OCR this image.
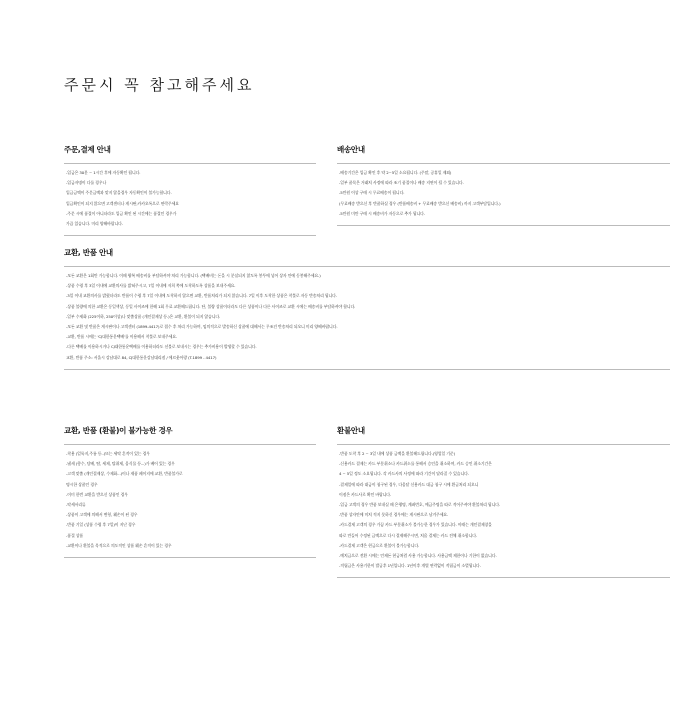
주문시 꼭 참고해주세요
주문,결제 안내
-입금은 30분 ~ 1시간 후에 자동확인 됩니다.
-입금자명이 다를 경우나
입금금액이 주문금액과 맞지 않을경우 자동확인이 불가능합니다.
입금확인이 되지 않으면 고객센터나 게시판,카카오톡으로 연락주세요
-주문 시에 품절이 아니더라도 입금 확인 된 시간에는 품절인 경우가
가끔 있습니다. 미리 양해바랍니다.
배송안내
-배송기간은 입금 확인 후 약 2~5일 소요됩니다. (주말, 공휴일 제외)
-일부 품목은 거래처 사정에 따라 조기 품절이나 배송 지연이 될 수 있습니다.
-5만원 이상 구매 시 무료배송이 됩니다.
(무료배송 받으신 후 반품하실 경우 (반품배송비 + 무료배송 받으신 배송비) 까지 고객부담입니다.)
-5만원 미만 구매 시 배송비가 자동으로 추가 됩니다.
교환, 반품 안내
-모든 교환은 1회만 가능합니다. 이때 왕복 배송비를 부담하셔야 처리 가능합니다. (택배비는 돈을 시 분실되지 않도록 봉투에 넣어 상자 안에 동봉해주세요.)
-상품 수령 후 3일 이내에 교환의사를 밝혀주시고, 7일 이내에 저희 쪽에 도착하도록 상품을 보내주세요.
-3일 이내 교환의사를 밝혔더라도 반품이 수령 후 7일 이내에 도착하지 않으면 교환, 반품처리가 되지 않습니다. 7일 이후 도착한 상품은 착불로 자동 반송처리 됩니다.
-상품 불량에 의한 교환은 동일색상, 동일 사이즈에 한해 1회 무료 교환해드립니다. 단, 불량 상품이더라도 다른 상품이나 다른 사이즈로 교환 시에는 배송비를 부담하셔야 합니다.
-일부 수제화 (225이하, 250이상)나 맞춤상품 (개인결제상 등.)은 교환, 환불이 되지 않습니다.
-모든 교환 및 반품은 게시판이나 고객센터 (1899-4417)로 접수 후 처리 가능하며, 임의적으로 발송하신 상품에 대해서는 무조건 반송처리 되오니 미리 양해바랍니다.
-교환, 반품 시에는 'CJ대한통운택배'를 이용해서 착불로 보내주세요.
-다른 택배를 이용하시거나 CJ대한통운택배를 이용하더라도 선불로 보내시는 경우는 추가비용이 발생할 수 있습니다.
교환, 반품 주소: 서울시 강남대로 84, CJ대한통운강남대리점 / 에르웃아랑 (T.1899 - 4417)
교환, 반품 (환불)이 불가능한 경우
-착용 (얼룩지,주름 등..)또는 세탁 흔적이 있는 경우
-냄새 (향수, 담배, 땀, 세제, 탈취제, 음식물 등...)가 베어 있는 경우
-고객 맞춤 (개인결제상, 수제화...)이나 제품 페이지에 교환, 반품불가로
명시한 상품인 경우
-이미 한번 교환을 받으신 상품인 경우
-악세서리류
-상품이 고객에 의해서 변형, 훼손이 된 경우
-반품 기일 (상품 수령 후 7일)이 지난 경우
-품절 상품
-교환이나 환불을 목적으로 의도적인 상품 훼손 흔적이 있는 경우
환불안내
-반품 도착 후 2 ~ 3일 내에 상품 금액을 환불해드립니다.(영업일 기준)
-신용카드 결제는 카드 부분취소나 카드취소를 통해서 승인을 취소하며, 카드 승인 취소기간은
4 ~ 5일 정도 소요됩니다. 각 카드사의 사정에 따라 기간이 달라질 수 있습니다.
-결제일에 따라 대금이 청구된 경우, 다음달 신용카드 대금 청구 시에 환급처리 되오니
이점은 카드사로 확인 바랍니다.
-입금 고객의 경우 반품 보내실 때 은행명, 계좌번호, 예금주명을 따로 적어주셔야 환불처리 됩니다.
-반품 상자안에 미처 적지 못하신 경우에는 게시판으로 남겨주세요.
-카드결제 고객의 경우 가끔 카드 부분취소가 불가능한 경우가 있습니다. 이때는 개인결제창을
따로 만들어 수정된 금액으로 다시 결제해주시면, 처음 결제는 카드 전체 취소합니다.
-카드결제 고객은 현금으로 환불이 불가능합니다.
-예치금으로 전환 시에는 언제든 현금처럼 사용 가능합니다. 사용금액 제한이나 기한이 없습니다.
-적립금은 사용기한이 발급후 1년입니다. 1년이후 개별 연락없이 적립금이 소멸됩니다.
